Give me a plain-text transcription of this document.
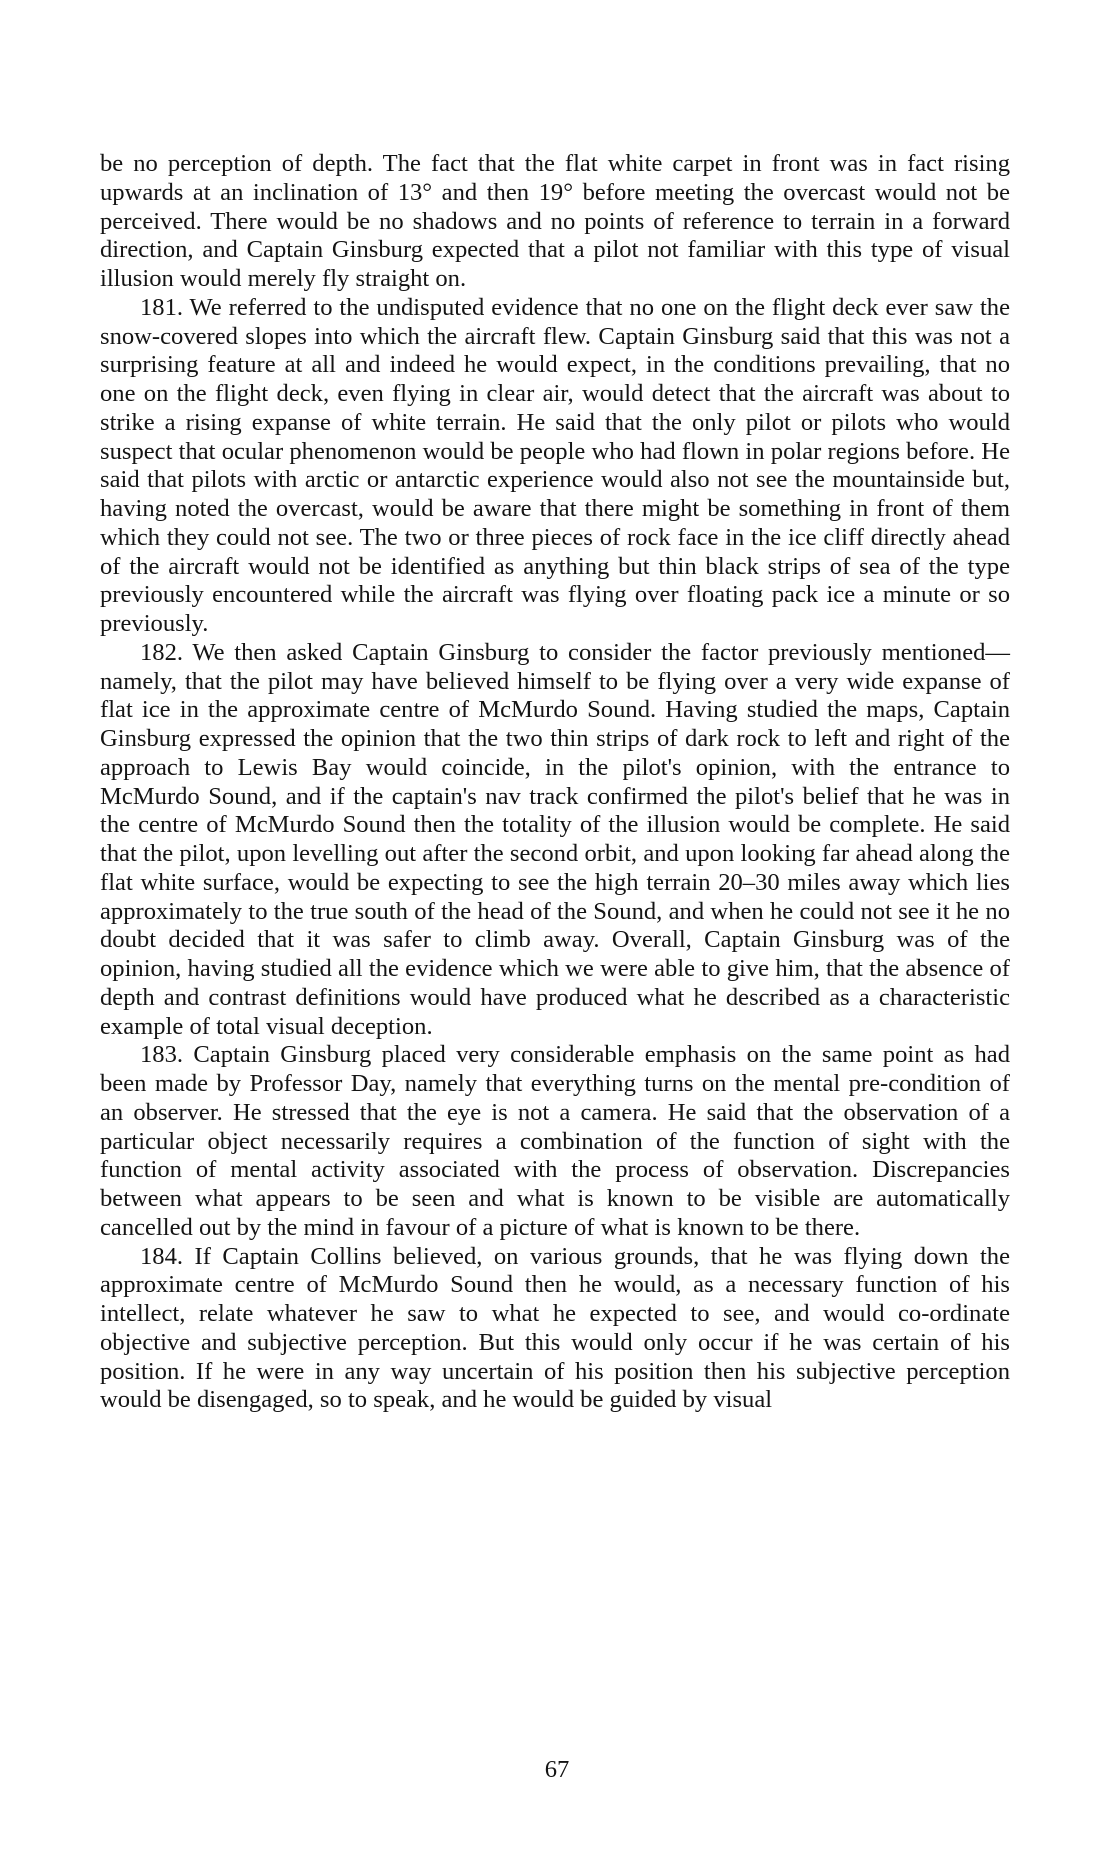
be no perception of depth. The fact that the flat white carpet in front was in fact rising upwards at an inclination of 13° and then 19° before meeting the overcast would not be perceived. There would be no shadows and no points of reference to terrain in a forward direction, and Captain Ginsburg expected that a pilot not familiar with this type of visual illusion would merely fly straight on.

181. We referred to the undisputed evidence that no one on the flight deck ever saw the snow-covered slopes into which the aircraft flew. Captain Ginsburg said that this was not a surprising feature at all and indeed he would expect, in the conditions prevailing, that no one on the flight deck, even flying in clear air, would detect that the aircraft was about to strike a rising expanse of white terrain. He said that the only pilot or pilots who would suspect that ocular phenomenon would be people who had flown in polar regions before. He said that pilots with arctic or antarctic experience would also not see the mountainside but, having noted the overcast, would be aware that there might be something in front of them which they could not see. The two or three pieces of rock face in the ice cliff directly ahead of the aircraft would not be identified as anything but thin black strips of sea of the type previously encountered while the aircraft was flying over floating pack ice a minute or so previously.

182. We then asked Captain Ginsburg to consider the factor previously mentioned—namely, that the pilot may have believed himself to be flying over a very wide expanse of flat ice in the approximate centre of McMurdo Sound. Having studied the maps, Captain Ginsburg expressed the opinion that the two thin strips of dark rock to left and right of the approach to Lewis Bay would coincide, in the pilot's opinion, with the entrance to McMurdo Sound, and if the captain's nav track confirmed the pilot's belief that he was in the centre of McMurdo Sound then the totality of the illusion would be complete. He said that the pilot, upon levelling out after the second orbit, and upon looking far ahead along the flat white surface, would be expecting to see the high terrain 20–30 miles away which lies approximately to the true south of the head of the Sound, and when he could not see it he no doubt decided that it was safer to climb away. Overall, Captain Ginsburg was of the opinion, having studied all the evidence which we were able to give him, that the absence of depth and contrast definitions would have produced what he described as a characteristic example of total visual deception.

183. Captain Ginsburg placed very considerable emphasis on the same point as had been made by Professor Day, namely that everything turns on the mental pre-condition of an observer. He stressed that the eye is not a camera. He said that the observation of a particular object necessarily requires a combination of the function of sight with the function of mental activity associated with the process of observation. Discrepancies between what appears to be seen and what is known to be visible are automatically cancelled out by the mind in favour of a picture of what is known to be there.

184. If Captain Collins believed, on various grounds, that he was flying down the approximate centre of McMurdo Sound then he would, as a necessary function of his intellect, relate whatever he saw to what he expected to see, and would co-ordinate objective and subjective perception. But this would only occur if he was certain of his position. If he were in any way uncertain of his position then his subjective perception would be disengaged, so to speak, and he would be guided by visual

67
